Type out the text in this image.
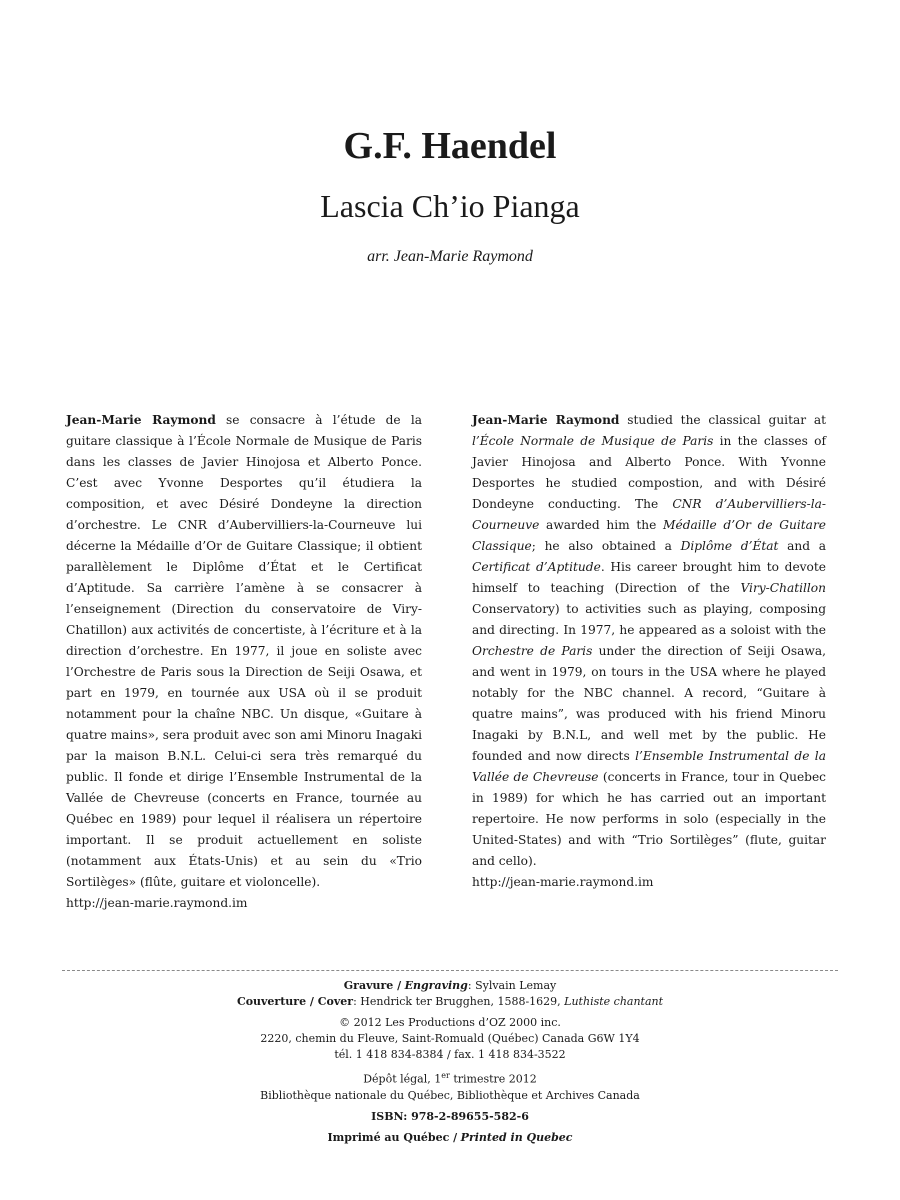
G.F. Haendel
Lascia Ch’io Pianga

arr. Jean-Marie Raymond

Jean-Marie Raymond se consacre à l’étude de la guitare classique à l’École Normale de Musique de Paris dans les classes de Javier Hinojosa et Alberto Ponce. C’est avec Yvonne Desportes qu’il étudiera la composition, et avec Désiré Dondeyne la direction d’orchestre. Le CNR d’Aubervilliers-la-Courneuve lui décerne la Médaille d’Or de Guitare Classique; il obtient parallèlement le Diplôme d’État et le Certificat d’Aptitude. Sa carrière l’amène à se consacrer à l’enseignement (Direction du conservatoire de Viry-Chatillon) aux activités de concertiste, à l’écriture et à la direction d’orchestre. En 1977, il joue en soliste avec l’Orchestre de Paris sous la Direction de Seiji Osawa, et part en 1979, en tournée aux USA où il se produit notamment pour la chaîne NBC. Un disque, «Guitare à quatre mains», sera produit avec son ami Minoru Inagaki par la maison B.N.L. Celui-ci sera très remarqué du public. Il fonde et dirige l’Ensemble Instrumental de la Vallée de Chevreuse (concerts en France, tournée au Québec en 1989) pour lequel il réalisera un répertoire important. Il se produit actuellement en soliste (notamment aux États-Unis) et au sein du «Trio Sortilèges» (flûte, guitare et violoncelle).

http://jean-marie.raymond.im

Jean-Marie Raymond studied the classical guitar at l’École Normale de Musique de Paris in the classes of Javier Hinojosa and Alberto Ponce. With Yvonne Desportes he studied compostion, and with Désiré Dondeyne conducting. The CNR d’Aubervilliers-la-Courneuve awarded him the Médaille d’Or de Guitare Classique; he also obtained a Diplôme d’État and a Certificat d’Aptitude. His career brought him to devote himself to teaching (Direction of the Viry-Chatillon Conservatory) to activities such as playing, composing and directing. In 1977, he appeared as a soloist with the Orchestre de Paris under the direction of Seiji Osawa, and went in 1979, on tours in the USA where he played notably for the NBC channel. A record, “Guitare à quatre mains”, was produced with his friend Minoru Inagaki by B.N.L, and well met by the public. He founded and now directs l’Ensemble Instrumental de la Vallée de Chevreuse (concerts in France, tour in Quebec in 1989) for which he has carried out an important repertoire. He now performs in solo (especially in the United-States) and with “Trio Sortilèges” (flute, guitar and cello).

http://jean-marie.raymond.im

Gravure / Engraving: Sylvain Lemay

Couverture / Cover: Hendrick ter Brugghen, 1588-1629, Luthiste chantant

© 2012 Les Productions d’OZ 2000 inc.

2220, chemin du Fleuve, Saint-Romuald (Québec) Canada G6W 1Y4

tél. 1 418 834-8384 / fax. 1 418 834-3522

Dépôt légal, 1er trimestre 2012

Bibliothèque nationale du Québec, Bibliothèque et Archives Canada

ISBN: 978-2-89655-582-6

Imprimé au Québec / Printed in Quebec
